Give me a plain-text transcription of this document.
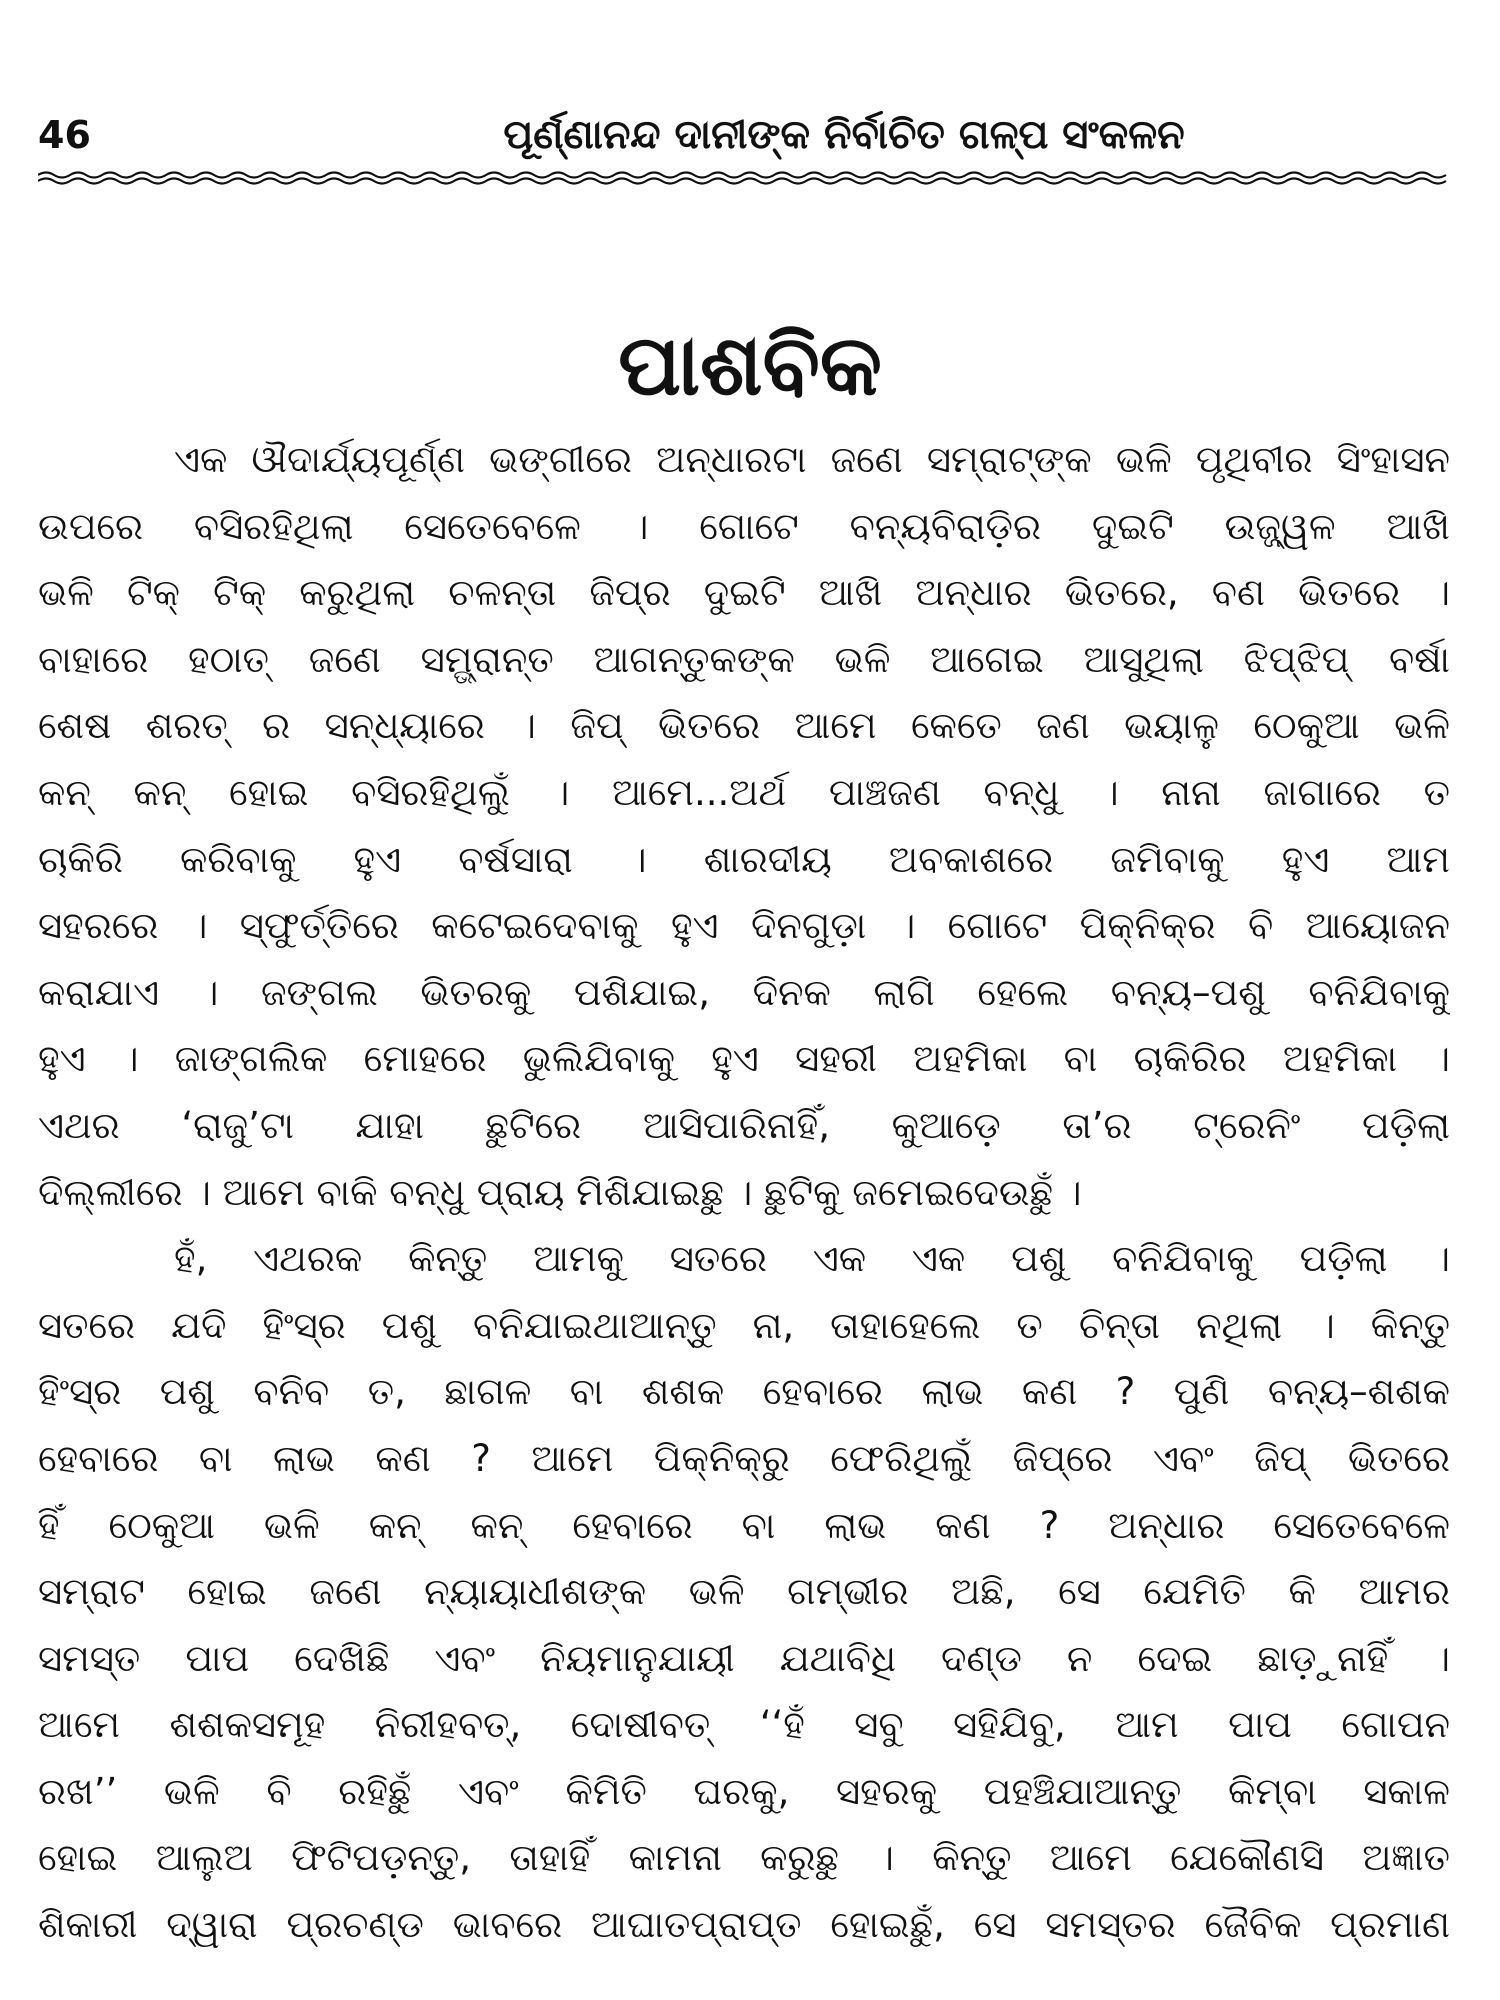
46	ପୂର୍ଣ୍ଣାନନ୍ଦ ଦାନୀଙ୍କ ନିର୍ବାଚିତ ଗଳ୍ପ ସଂକଳନ
ପାଶବିକ
ଏକ ଔଦାର୍ଯ୍ୟପୂର୍ଣ୍ଣ ଭଙ୍ଗୀରେ ଅନ୍ଧାରଟା ଜଣେ ସମ୍ରାଟ୍‌ଙ୍କ ଭଳି ପୃଥିବୀର ସିଂହାସନ
ଉପରେ ବସିରହିଥିଲା ସେତେବେଳେ । ଗୋଟେ ବନ୍ୟବିରାଡ଼ିର ଦୁଇଟି ଉଜ୍ଜ୍ୱଳ ଆଖି
ଭଳି ଟିକ୍ ଟିକ୍ କରୁଥିଲା ଚଳନ୍ତା ଜିପ୍‌ର ଦୁଇଟି ଆଖି ଅନ୍ଧାର ଭିତରେ, ବଣ ଭିତରେ ।
ବାହାରେ ହଠାତ୍ ଜଣେ ସମ୍ଭ୍ରାନ୍ତ ଆଗନ୍ତୁକଙ୍କ ଭଳି ଆଗେଇ ଆସୁଥିଲା ଝିପ୍‌ଝିପ୍ ବର୍ଷା
ଶେଷ ଶରତ୍ ର ସନ୍ଧ୍ୟାରେ । ଜିପ୍ ଭିତରେ ଆମେ କେତେ ଜଣ ଭୟାଳୁ ଠେକୁଆ ଭଳି
କନ୍ କନ୍ ହୋଇ ବସିରହିଥିଲୁଁ । ଆମେ...ଅର୍ଥ ପାଞ୍ଚଜଣ ବନ୍ଧୁ । ନାନା ଜାଗାରେ ତ
ଚାକିରି କରିବାକୁ ହୁଏ ବର୍ଷସାରା । ଶାରଦୀୟ ଅବକାଶରେ ଜମିବାକୁ ହୁଏ ଆମ
ସହରରେ । ସ୍ଫୁର୍ତ୍ତିରେ କଟେଇଦେବାକୁ ହୁଏ ଦିନଗୁଡ଼ା । ଗୋଟେ ପିକ୍‌ନିକ୍‌ର ବି ଆୟୋଜନ
କରାଯାଏ । ଜଙ୍ଗଲ ଭିତରକୁ ପଶିଯାଇ, ଦିନକ ଲାଗି ହେଲେ ବନ୍ୟ–ପଶୁ ବନିଯିବାକୁ
ହୁଏ । ଜାଙ୍ଗଲିକ ମୋହରେ ଭୁଲିଯିବାକୁ ହୁଏ ସହରୀ ଅହମିକା ବା ଚାକିରିର ଅହମିକା ।
ଏଥର ‘ରାଜୁ’ଟା ଯାହା ଛୁଟିରେ ଆସିପାରିନାହିଁ, କୁଆଡ଼େ ତା’ର ଟ୍ରେନିଂ ପଡ଼ିଲା
ଦିଲ୍ଲୀରେ । ଆମେ ବାକି ବନ୍ଧୁ ପ୍ରାୟ ମିଶିଯାଇଛୁ । ଛୁଟିକୁ ଜମେଇଦେଉଛୁଁ ।
ହଁ, ଏଥରକ କିନ୍ତୁ ଆମକୁ ସତରେ ଏକ ଏକ ପଶୁ ବନିଯିବାକୁ ପଡ଼ିଲା ।
ସତରେ ଯଦି ହିଂସ୍ର ପଶୁ ବନିଯାଇଥାଆନ୍ତୁ ନା, ତାହାହେଲେ ତ ଚିନ୍ତା ନଥିଲା । କିନ୍ତୁ
ହିଂସ୍ର ପଶୁ ବନିବ ତ, ଛାଗଳ ବା ଶଶକ ହେବାରେ ଲାଭ କଣ ? ପୁଣି ବନ୍ୟ–ଶଶକ
ହେବାରେ ବା ଲାଭ କଣ ? ଆମେ ପିକ୍‌ନିକ୍‌ରୁ ଫେରିଥିଲୁଁ ଜିପ୍‌ରେ ଏବଂ ଜିପ୍ ଭିତରେ
ହିଁ ଠେକୁଆ ଭଳି କନ୍ କନ୍ ହେବାରେ ବା ଲାଭ କଣ ? ଅନ୍ଧାର ସେତେବେଳେ
ସମ୍ରାଟ ହୋଇ ଜଣେ ନ୍ୟାୟାଧୀଶଙ୍କ ଭଳି ଗମ୍ଭୀର ଅଛି, ସେ ଯେମିତି କି ଆମର
ସମସ୍ତ ପାପ ଦେଖିଛି ଏବଂ ନିୟମାନୁଯାୟୀ ଯଥାବିଧି ଦଣ୍ଡ ନ ଦେଇ ଛାଡ଼ୁନାହିଁ ।
ଆମେ ଶଶକସମୂହ ନିରୀହବତ୍, ଦୋଷୀବତ୍ ‘‘ହଁ ସବୁ ସହିଯିବୁ, ଆମ ପାପ ଗୋପନ
ରଖ’’ ଭଳି ବି ରହିଛୁଁ ଏବଂ କିମିତି ଘରକୁ, ସହରକୁ ପହଞ୍ଚିଯାଆନ୍ତୁ କିମ୍ବା ସକାଳ
ହୋଇ ଆଲୁଅ ଫିଟିପଡ଼ନ୍ତୁ, ତାହାହିଁ କାମନା କରୁଛୁ । କିନ୍ତୁ ଆମେ ଯେକୌଣସି ଅଜ୍ଞାତ
ଶିକାରୀ ଦ୍ୱାରା ପ୍ରଚଣ୍ଡ ଭାବରେ ଆଘାତପ୍ରାପ୍ତ ହୋଇଛୁଁ, ସେ ସମସ୍ତର ଜୈବିକ ପ୍ରମାଣ
